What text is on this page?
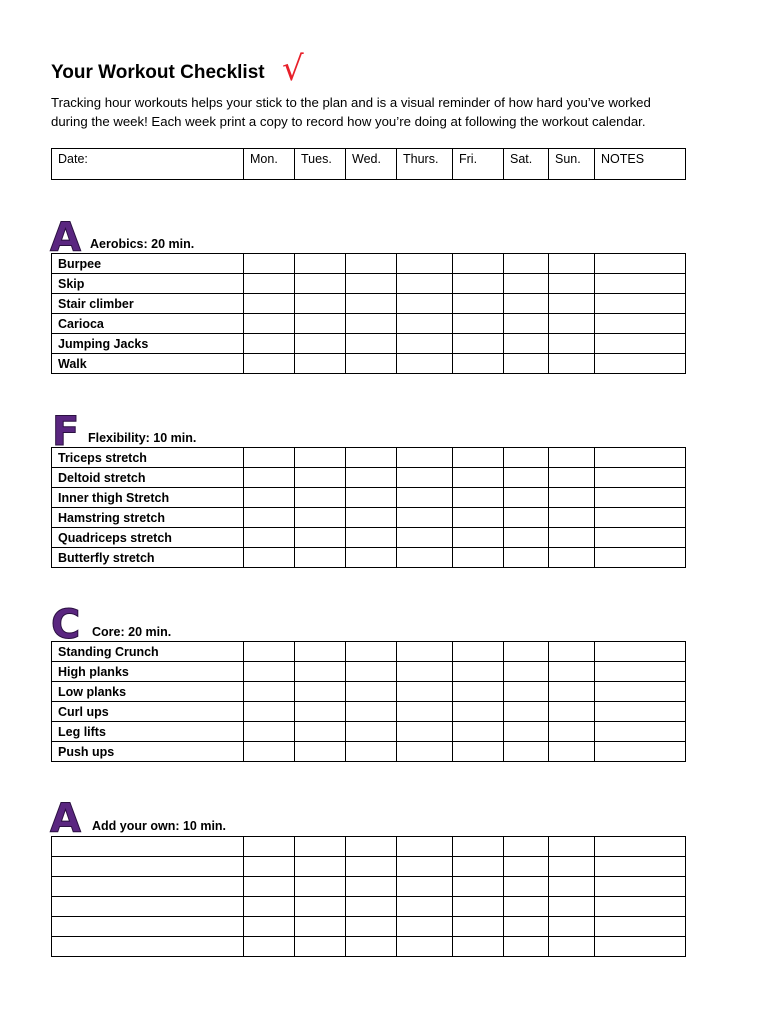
Your Workout Checklist √
Tracking hour workouts helps your stick to the plan and is a visual reminder of how hard you’ve worked
during the week! Each week print a copy to record how you’re doing at following the workout calendar.
Date:	Mon.	Tues.	Wed.	Thurs.	Fri.	Sat.	Sun.	NOTES
A Aerobics: 20 min.
Burpee								
Skip								
Stair climber								
Carioca								
Jumping Jacks								
Walk								
F Flexibility: 10 min.
Triceps stretch								
Deltoid stretch								
Inner thigh Stretch								
Hamstring stretch								
Quadriceps stretch								
Butterfly stretch								
C Core: 20 min.
Standing Crunch								
High planks								
Low planks								
Curl ups								
Leg lifts								
Push ups								
A Add your own: 10 min.
